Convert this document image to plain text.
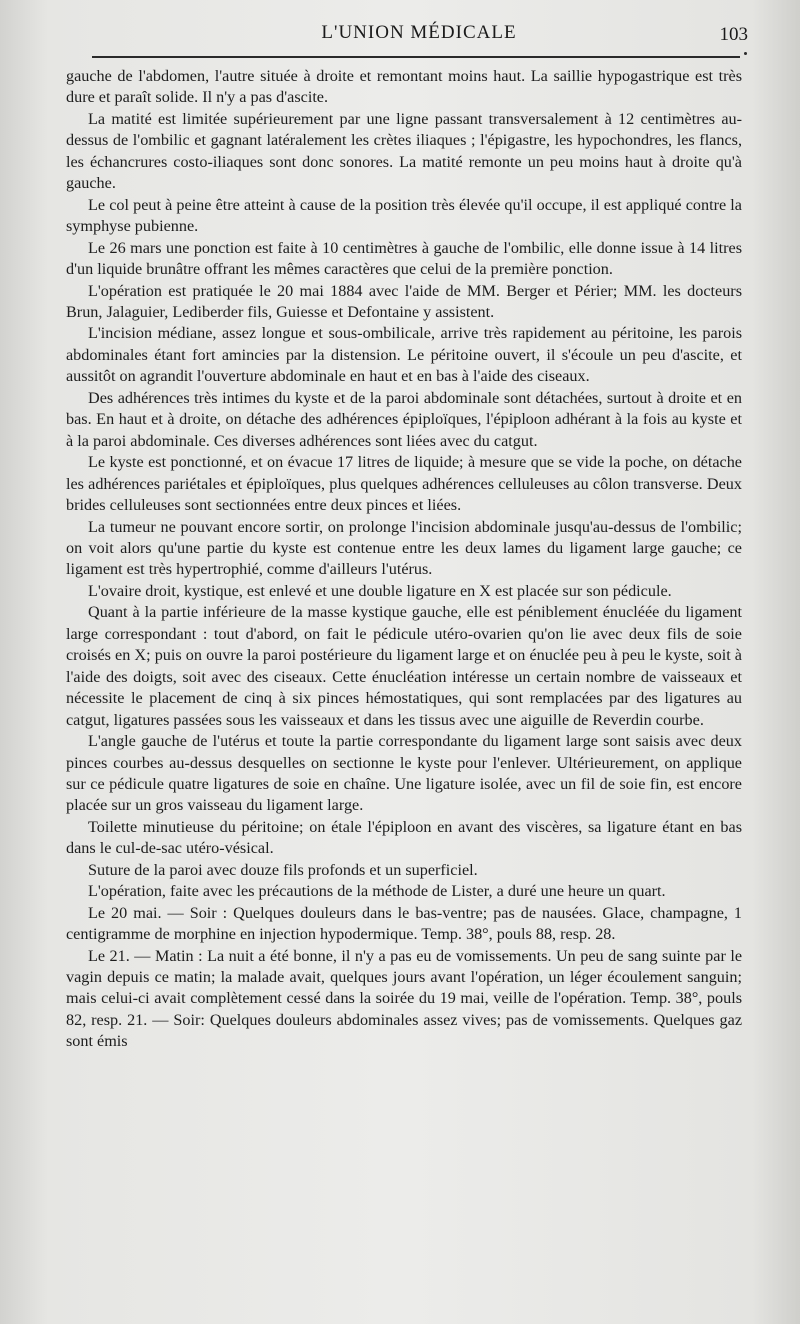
L'UNION MÉDICALE	103

gauche de l'abdomen, l'autre située à droite et remontant moins haut. La saillie hypogastrique est très dure et paraît solide. Il n'y a pas d'ascite.

La matité est limitée supérieurement par une ligne passant transversalement à 12 centimètres au-dessus de l'ombilic et gagnant latéralement les crètes iliaques ; l'épigastre, les hypochondres, les flancs, les échancrures costo-iliaques sont donc sonores. La matité remonte un peu moins haut à droite qu'à gauche.

Le col peut à peine être atteint à cause de la position très élevée qu'il occupe, il est appliqué contre la symphyse pubienne.

Le 26 mars une ponction est faite à 10 centimètres à gauche de l'ombilic, elle donne issue à 14 litres d'un liquide brunâtre offrant les mêmes caractères que celui de la première ponction.

L'opération est pratiquée le 20 mai 1884 avec l'aide de MM. Berger et Périer; MM. les docteurs Brun, Jalaguier, Lediberder fils, Guiesse et Defontaine y assistent.

L'incision médiane, assez longue et sous-ombilicale, arrive très rapidement au péritoine, les parois abdominales étant fort amincies par la distension. Le péritoine ouvert, il s'écoule un peu d'ascite, et aussitôt on agrandit l'ouverture abdominale en haut et en bas à l'aide des ciseaux.

Des adhérences très intimes du kyste et de la paroi abdominale sont détachées, surtout à droite et en bas. En haut et à droite, on détache des adhérences épiploïques, l'épiploon adhérant à la fois au kyste et à la paroi abdominale. Ces diverses adhérences sont liées avec du catgut.

Le kyste est ponctionné, et on évacue 17 litres de liquide; à mesure que se vide la poche, on détache les adhérences pariétales et épiploïques, plus quelques adhérences celluleuses au côlon transverse. Deux brides celluleuses sont sectionnées entre deux pinces et liées.

La tumeur ne pouvant encore sortir, on prolonge l'incision abdominale jusqu'au-dessus de l'ombilic; on voit alors qu'une partie du kyste est contenue entre les deux lames du ligament large gauche; ce ligament est très hypertrophié, comme d'ailleurs l'utérus.

L'ovaire droit, kystique, est enlevé et une double ligature en X est placée sur son pédicule.

Quant à la partie inférieure de la masse kystique gauche, elle est péniblement énucléée du ligament large correspondant : tout d'abord, on fait le pédicule utéro-ovarien qu'on lie avec deux fils de soie croisés en X; puis on ouvre la paroi postérieure du ligament large et on énuclée peu à peu le kyste, soit à l'aide des doigts, soit avec des ciseaux. Cette énucléation intéresse un certain nombre de vaisseaux et nécessite le placement de cinq à six pinces hémostatiques, qui sont remplacées par des ligatures au catgut, ligatures passées sous les vaisseaux et dans les tissus avec une aiguille de Reverdin courbe.

L'angle gauche de l'utérus et toute la partie correspondante du ligament large sont saisis avec deux pinces courbes au-dessus desquelles on sectionne le kyste pour l'enlever. Ultérieurement, on applique sur ce pédicule quatre ligatures de soie en chaîne. Une ligature isolée, avec un fil de soie fin, est encore placée sur un gros vaisseau du ligament large.

Toilette minutieuse du péritoine; on étale l'épiploon en avant des viscères, sa ligature étant en bas dans le cul-de-sac utéro-vésical.

Suture de la paroi avec douze fils profonds et un superficiel.

L'opération, faite avec les précautions de la méthode de Lister, a duré une heure un quart.

Le 20 mai. — Soir : Quelques douleurs dans le bas-ventre; pas de nausées. Glace, champagne, 1 centigramme de morphine en injection hypodermique. Temp. 38°, pouls 88, resp. 28.

Le 21. — Matin : La nuit a été bonne, il n'y a pas eu de vomissements. Un peu de sang suinte par le vagin depuis ce matin; la malade avait, quelques jours avant l'opération, un léger écoulement sanguin; mais celui-ci avait complètement cessé dans la soirée du 19 mai, veille de l'opération. Temp. 38°, pouls 82, resp. 21. — Soir: Quelques douleurs abdominales assez vives; pas de vomissements. Quelques gaz sont émis
